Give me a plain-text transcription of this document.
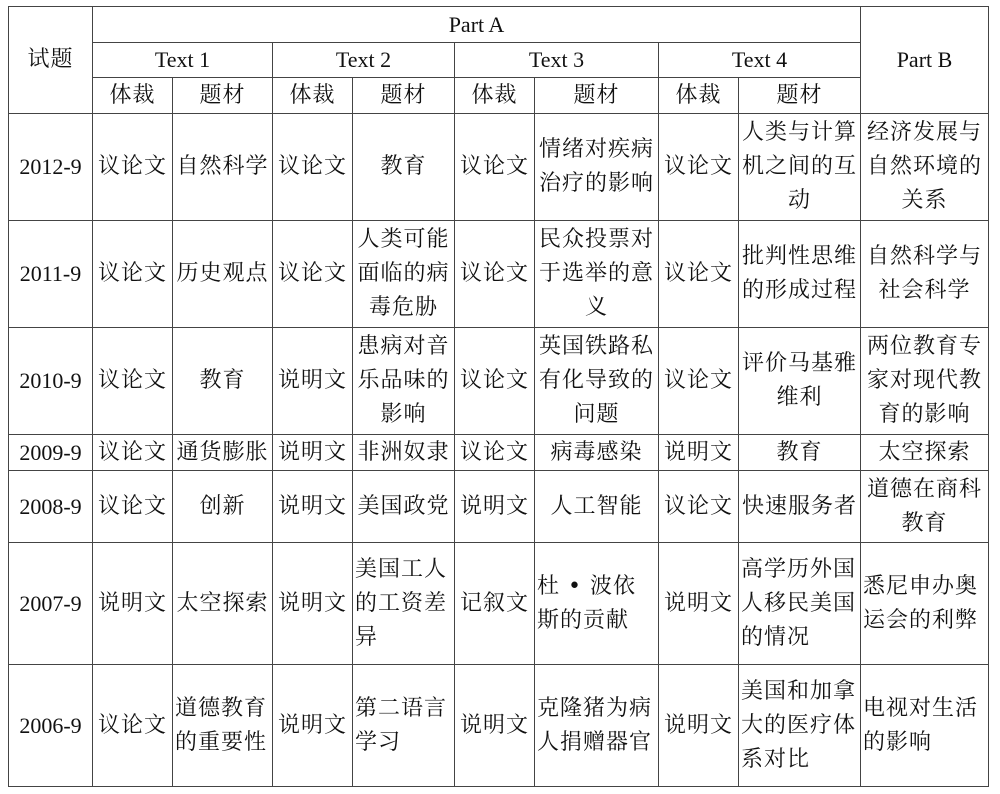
试题	Part A								Part B
	Text 1		Text 2		Text 3		Text 4		
	体裁	题材	体裁	题材	体裁	题材	体裁	题材	
2012-9	议论文	自然科学	议论文	教育	议论文	情绪对疾病治疗的影响	议论文	人类与计算机之间的互动	经济发展与自然环境的关系
2011-9	议论文	历史观点	议论文	人类可能面临的病毒危胁	议论文	民众投票对于选举的意义	议论文	批判性思维的形成过程	自然科学与社会科学
2010-9	议论文	教育	说明文	患病对音乐品味的影响	议论文	英国铁路私有化导致的问题	议论文	评价马基雅维利	两位教育专家对现代教育的影响
2009-9	议论文	通货膨胀	说明文	非洲奴隶	议论文	病毒感染	说明文	教育	太空探索
2008-9	议论文	创新	说明文	美国政党	说明文	人工智能	议论文	快速服务者	道德在商科教育
2007-9	说明文	太空探索	说明文	美国工人的工资差异	记叙文	杜 • 波依斯的贡献	说明文	高学历外国人移民美国的情况	悉尼申办奥运会的利弊
2006-9	议论文	道德教育的重要性	说明文	第二语言学习	说明文	克隆猪为病人捐赠器官	说明文	美国和加拿大的医疗体系对比	电视对生活的影响
